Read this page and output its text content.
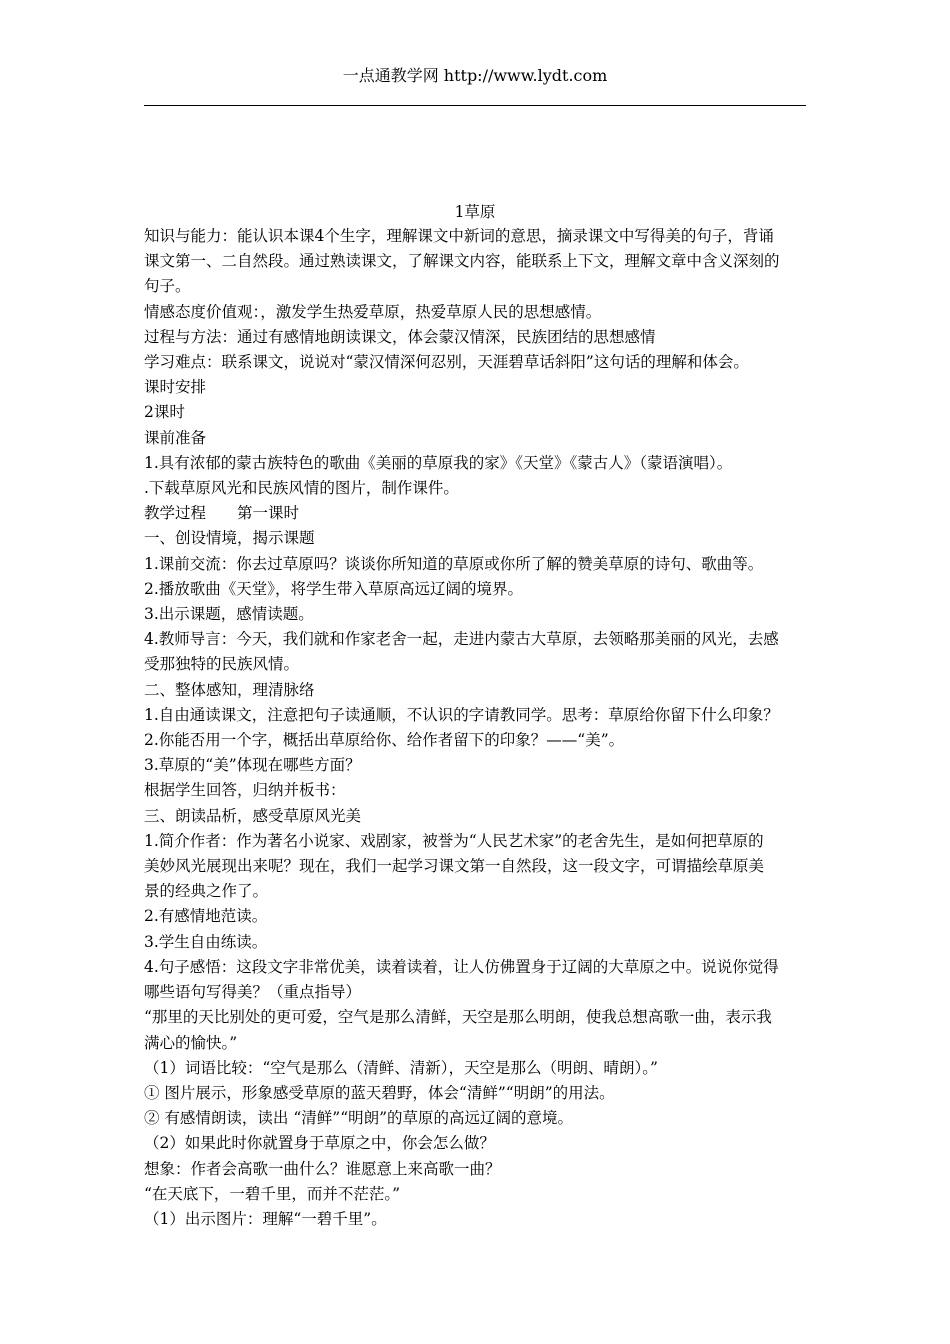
一点通教学网 http://www.lydt.com
1草原
知识与能力：能认识本课4个生字，理解课文中新词的意思，摘录课文中写得美的句子，背诵
课文第一、二自然段。通过熟读课文，了解课文内容，能联系上下文，理解文章中含义深刻的
句子。
情感态度价值观：，激发学生热爱草原，热爱草原人民的思想感情。
过程与方法：通过有感情地朗读课文，体会蒙汉情深，民族团结的思想感情
学习难点：联系课文，说说对“蒙汉情深何忍别，天涯碧草话斜阳”这句话的理解和体会。
课时安排
2课时
课前准备
1.具有浓郁的蒙古族特色的歌曲《美丽的草原我的家》《天堂》《蒙古人》（蒙语演唱）。
.下载草原风光和民族风情的图片，制作课件。
教学过程　　第一课时
一、创设情境，揭示课题
1.课前交流：你去过草原吗？谈谈你所知道的草原或你所了解的赞美草原的诗句、歌曲等。
2.播放歌曲《天堂》，将学生带入草原高远辽阔的境界。
3.出示课题，感情读题。
4.教师导言：今天，我们就和作家老舍一起，走进内蒙古大草原，去领略那美丽的风光，去感
受那独特的民族风情。
二、整体感知，理清脉络
1.自由通读课文，注意把句子读通顺，不认识的字请教同学。思考：草原给你留下什么印象？
2.你能否用一个字，概括出草原给你、给作者留下的印象？——“美”。
3.草原的“美”体现在哪些方面？
根据学生回答，归纳并板书：
三、朗读品析，感受草原风光美
1.简介作者：作为著名小说家、戏剧家，被誉为“人民艺术家”的老舍先生，是如何把草原的
美妙风光展现出来呢？现在，我们一起学习课文第一自然段，这一段文字，可谓描绘草原美
景的经典之作了。
2.有感情地范读。
3.学生自由练读。
4.句子感悟：这段文字非常优美，读着读着，让人仿佛置身于辽阔的大草原之中。说说你觉得
哪些语句写得美？（重点指导）
“那里的天比别处的更可爱，空气是那么清鲜，天空是那么明朗，使我总想高歌一曲，表示我
满心的愉快。”
（1）词语比较：“空气是那么（清鲜、清新），天空是那么（明朗、晴朗）。”
① 图片展示，形象感受草原的蓝天碧野，体会“清鲜”“明朗”的用法。
② 有感情朗读，读出 “清鲜”“明朗”的草原的高远辽阔的意境。
（2）如果此时你就置身于草原之中，你会怎么做？
想象：作者会高歌一曲什么？谁愿意上来高歌一曲？
“在天底下，一碧千里，而并不茫茫。”
（1）出示图片：理解“一碧千里”。
